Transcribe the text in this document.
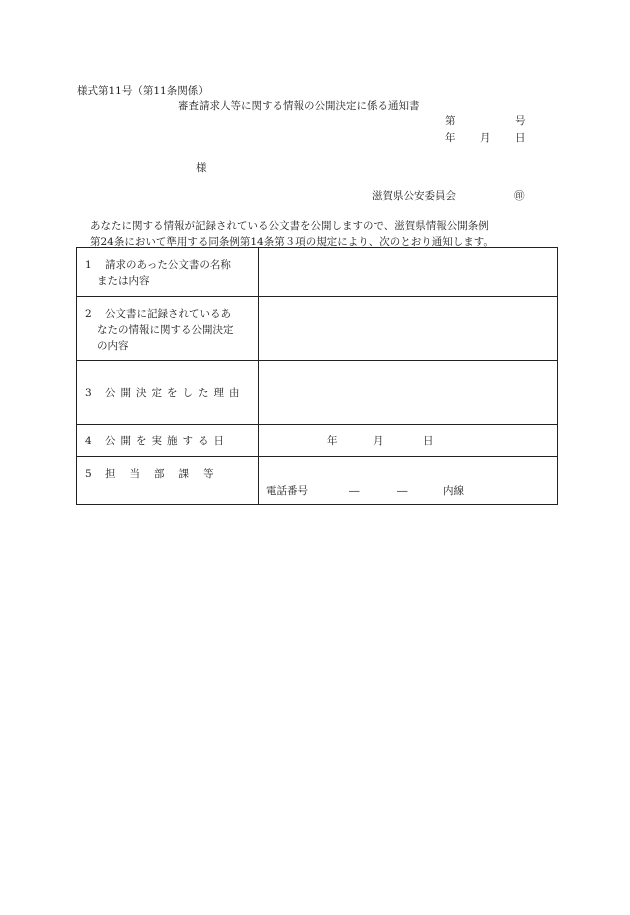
様式第11号（第11条関係）
審査請求人等に関する情報の公開決定に係る通知書
第	号
年 月 日
様
滋賀県公安委員会	㊞
あなたに関する情報が記録されている公文書を公開しますので、滋賀県情報公開条例
第24条において準用する同条例第14条第３項の規定により、次のとおり通知します。
1 請求のあった公文書の名称
または内容	

2 公文書に記録されているあ
なたの情報に関する公開決定
の内容	

3 公開決定をした理由	
4 公開を実施する日	年 月 日

5 担当部課等	電話番号 ― ― 内線
